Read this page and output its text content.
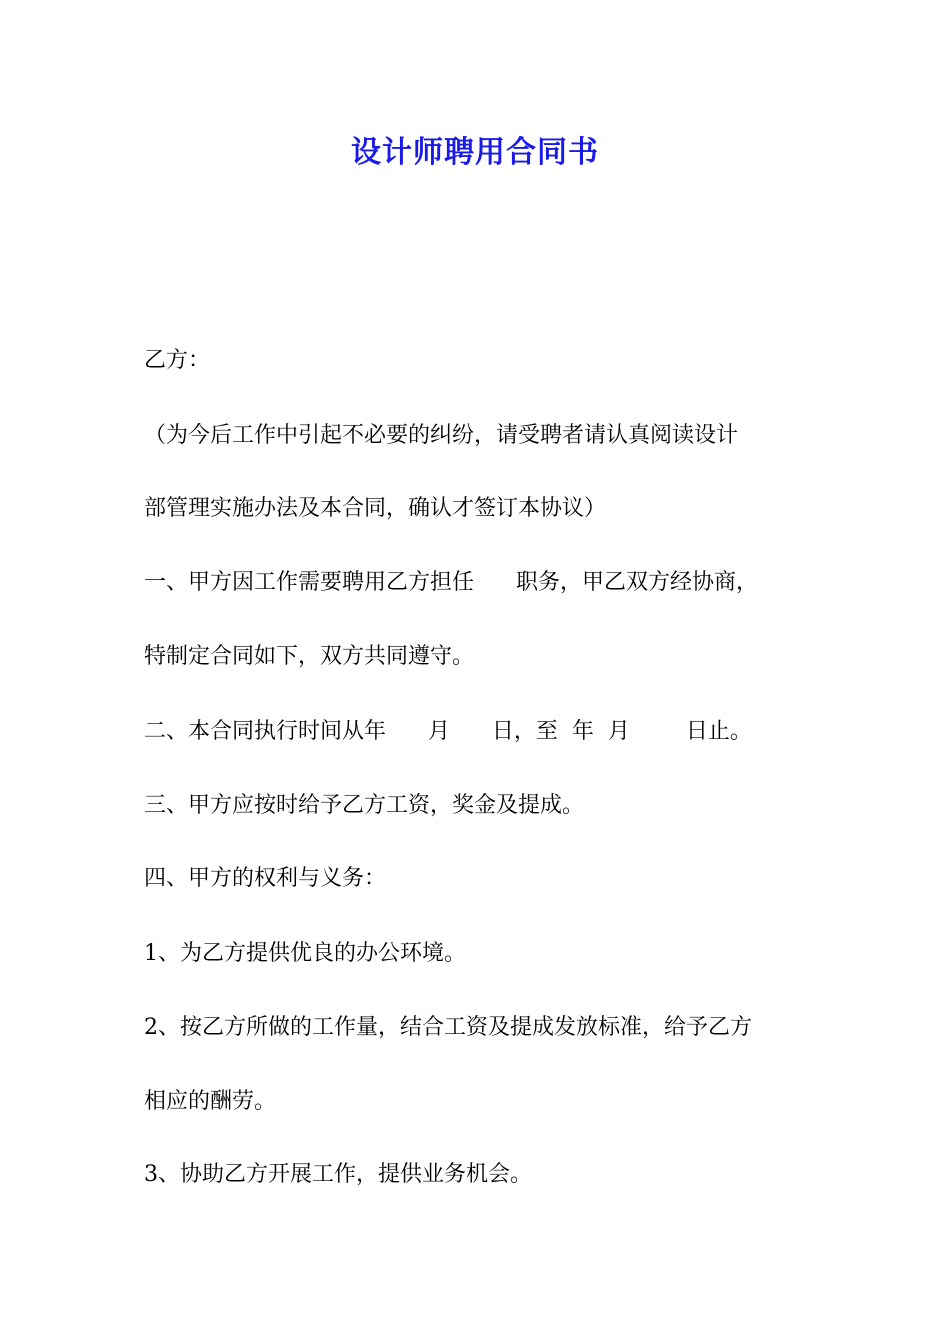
设计师聘用合同书

乙方：

（为今后工作中引起不必要的纠纷，请受聘者请认真阅读设计

部管理实施办法及本合同，确认才签订本协议）

一、甲方因工作需要聘用乙方担任      职务，甲乙双方经协商，

特制定合同如下，双方共同遵守。

二、本合同执行时间从年      月      日，至  年  月        日止。

三、甲方应按时给予乙方工资，奖金及提成。

四、甲方的权利与义务：

1、为乙方提供优良的办公环境。

2、按乙方所做的工作量，结合工资及提成发放标准，给予乙方

相应的酬劳。

3、协助乙方开展工作，提供业务机会。
